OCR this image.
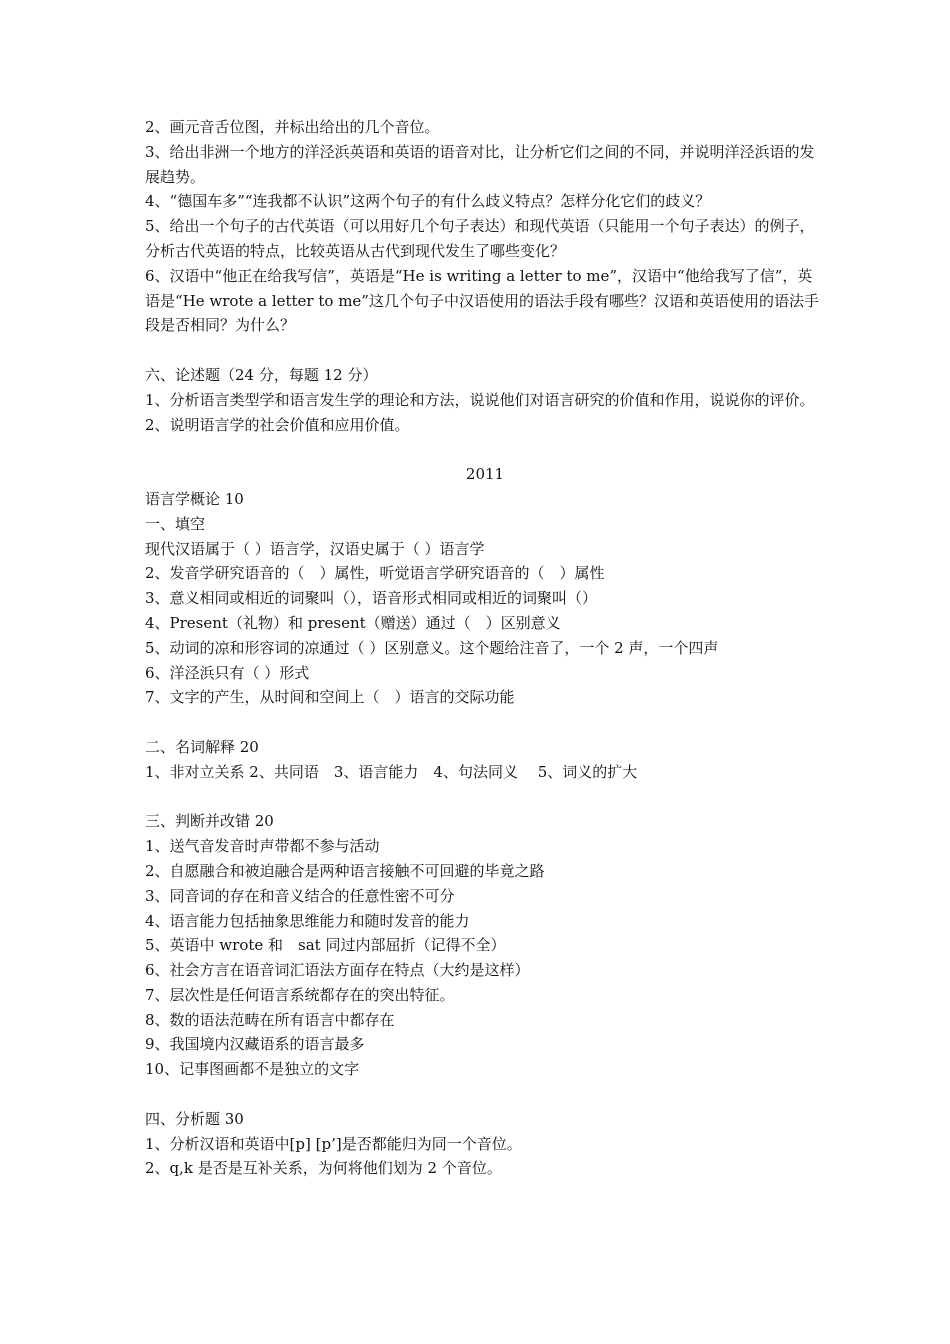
2、画元音舌位图，并标出给出的几个音位。
3、给出非洲一个地方的洋泾浜英语和英语的语音对比，让分析它们之间的不同，并说明洋泾浜语的发展趋势。
4、“德国车多”“连我都不认识”这两个句子的有什么歧义特点？怎样分化它们的歧义？
5、给出一个句子的古代英语（可以用好几个句子表达）和现代英语（只能用一个句子表达）的例子，分析古代英语的特点，比较英语从古代到现代发生了哪些变化？
6、汉语中“他正在给我写信”，英语是“He is writing a letter to me”，汉语中“他给我写了信”，英语是“He wrote a letter to me”这几个句子中汉语使用的语法手段有哪些？汉语和英语使用的语法手段是否相同？为什么？
六、论述题（24 分，每题 12 分）
1、分析语言类型学和语言发生学的理论和方法，说说他们对语言研究的价值和作用，说说你的评价。
2、说明语言学的社会价值和应用价值。
2011
语言学概论 10
一、填空
现代汉语属于（ ）语言学，汉语史属于（ ）语言学
2、发音学研究语音的（　）属性，听觉语言学研究语音的（　）属性
3、意义相同或相近的词聚叫（），语音形式相同或相近的词聚叫（）
4、Present（礼物）和 present（赠送）通过（　）区别意义
5、动词的凉和形容词的凉通过（ ）区别意义。这个题给注音了，一个 2 声，一个四声
6、洋泾浜只有（ ）形式
7、文字的产生，从时间和空间上（　）语言的交际功能
二、名词解释 20
1、非对立关系 2、共同语　3、语言能力　4、句法同义　 5、词义的扩大
三、判断并改错 20
1、送气音发音时声带都不参与活动
2、自愿融合和被迫融合是两种语言接触不可回避的毕竟之路
3、同音词的存在和音义结合的任意性密不可分
4、语言能力包括抽象思维能力和随时发音的能力
5、英语中 wrote 和　sat 同过内部屈折（记得不全）
6、社会方言在语音词汇语法方面存在特点（大约是这样）
7、层次性是任何语言系统都存在的突出特征。
8、数的语法范畴在所有语言中都存在
9、我国境内汉藏语系的语言最多
10、记事图画都不是独立的文字
四、分析题 30
1、分析汉语和英语中[p] [p’]是否都能归为同一个音位。
2、q,k 是否是互补关系，为何将他们划为 2 个音位。
